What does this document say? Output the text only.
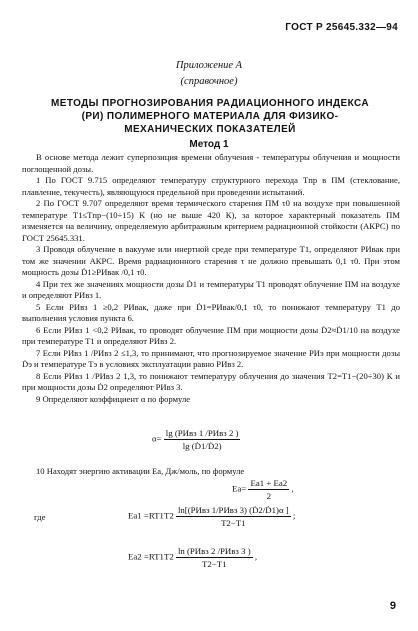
ГОСТ Р 25645.332—94
Приложение А
(справочное)
МЕТОДЫ ПРОГНОЗИРОВАНИЯ РАДИАЦИОННОГО ИНДЕКСА (РИ) ПОЛИМЕРНОГО МАТЕРИАЛА ДЛЯ ФИЗИКО-МЕХАНИЧЕСКИХ ПОКАЗАТЕЛЕЙ
Метод 1

В основе метода лежит суперпозиция времени облучения - температуры облучения и мощности поглощенной дозы.

1 По ГОСТ 9.715 определяют температуру структурного перехода Tпр в ПМ (стеклование, плавление, текучесть), являющуюся предельной при проведении испытаний.

2 По ГОСТ 9.707 определяют время термического старения ПМ τ0 на воздухе при повышенной температуре T1≤Tпр−(10÷15) К (но не выше 420 К), за которое характерный показатель ПМ изменяется на величину, определяемую арбитражным критерием радиационной стойкости (АКРС) по ГОСТ 25645.331.

3 Проводя облучение в вакууме или инертной среде при температуре T1, определяют РИвак при том же значении АКРС. Время радиационного старения τ не должно превышать 0,1 τ0. При этом мощность дозы Ḋ1≥РИвак /0,1 τ0.

4 При тех же значениях мощности дозы Ḋ1 и температуры T1 проводят облучение ПМ на воздухе и определяют РИвз 1.

5 Если РИвз 1 ≥0,2 РИвак, даже при Ḋ1=РИвак/0,1 τ0, то понижают температуру T1 до выполнения условия пункта 6.

6 Если РИвз 1 <0,2 РИвак, то проводят облучение ПМ при мощности дозы Ḋ2≈Ḋ1/10 на воздухе при температуре T1 и определяют РИвз 2.

7 Если РИвз 1 /РИвз 2 ≤1,3, то принимают, что прогнозируемое значение РИэ при мощности дозы Ḋэ и температуре Tэ в условиях эксплуатации равно РИвз 2.

8 Если РИвз 1 /РИвз 2 1,3, то понижают температуру облучения до значения T2=T1−(20÷30) К и при мощности дозы Ḋ2 определяют РИвз 3.

9 Определяют коэффициент α по формуле

$\alpha= \frac{\text{lg (РИвз 1 /РИвз 2 )}}{\text{lg (Ḋ1/Ḋ2)}}$

10 Находят энергию активации Eа, Дж/моль, по формуле

$Eа= \frac{Eа1 + Eа2}{2}$ ,
где	$Eа1 =RT1T2 \frac{\text{ln[(РИвз 1/РИвз 3) (Ḋ2/Ḋ1)α ]}}{T2-T1}$ ;
$Eа2 =RT1T2 \frac{\text{ln (РИвз 2 /РИвз 3 )}}{T2-T1}$ ,
9
